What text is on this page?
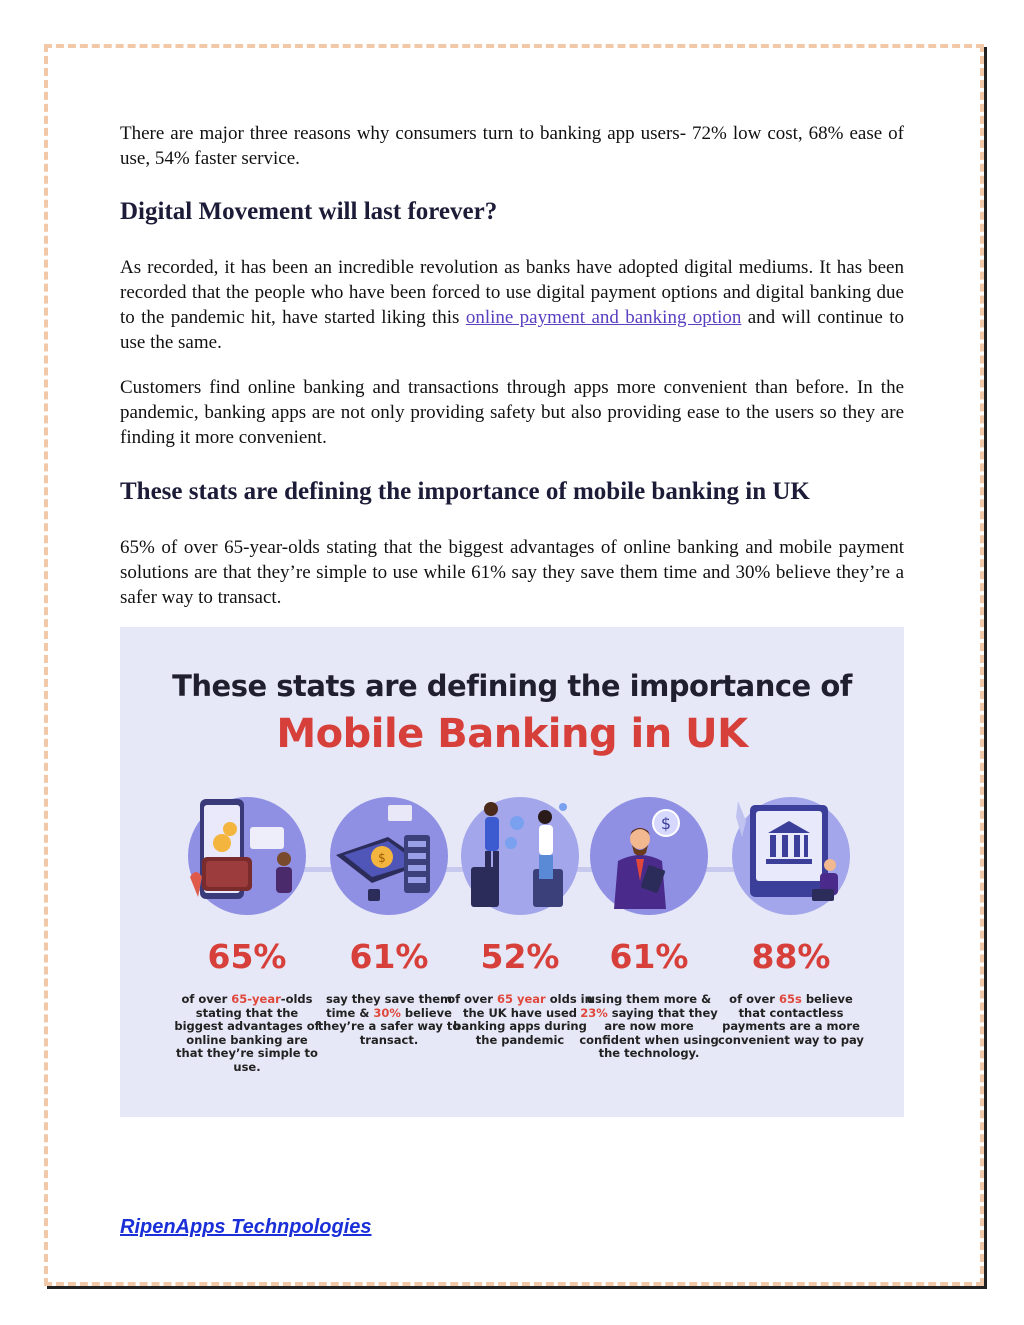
There are major three reasons why consumers turn to banking app users- 72% low cost, 68% ease of use, 54% faster service.

Digital Movement will last forever?

As recorded, it has been an incredible revolution as banks have adopted digital mediums. It has been recorded that the people who have been forced to use digital payment options and digital banking due to the pandemic hit, have started liking this online payment and banking option and will continue to use the same.

Customers find online banking and transactions through apps more convenient than before. In the pandemic, banking apps are not only providing safety but also providing ease to the users so they are finding it more convenient.

These stats are defining the importance of mobile banking in UK

65% of over 65-year-olds stating that the biggest advantages of online banking and mobile payment solutions are that they’re simple to use while 61% say they save them time and 30% believe they’re a safer way to transact.

These stats are defining the importance of
Mobile Banking in UK
65%
of over 65-year-olds stating that the biggest advantages of online banking are that they’re simple to use.
$
61%
say they save them time & 30% believe they’re a safer way to transact.
52%
of over 65 year olds in the UK have used banking apps during the pandemic
$
61%
using them more & 23% saying that they are now more confident when using the technology.
88%
of over 65s believe that contactless payments are a more convenient way to pay
RipenApps Technpologies
